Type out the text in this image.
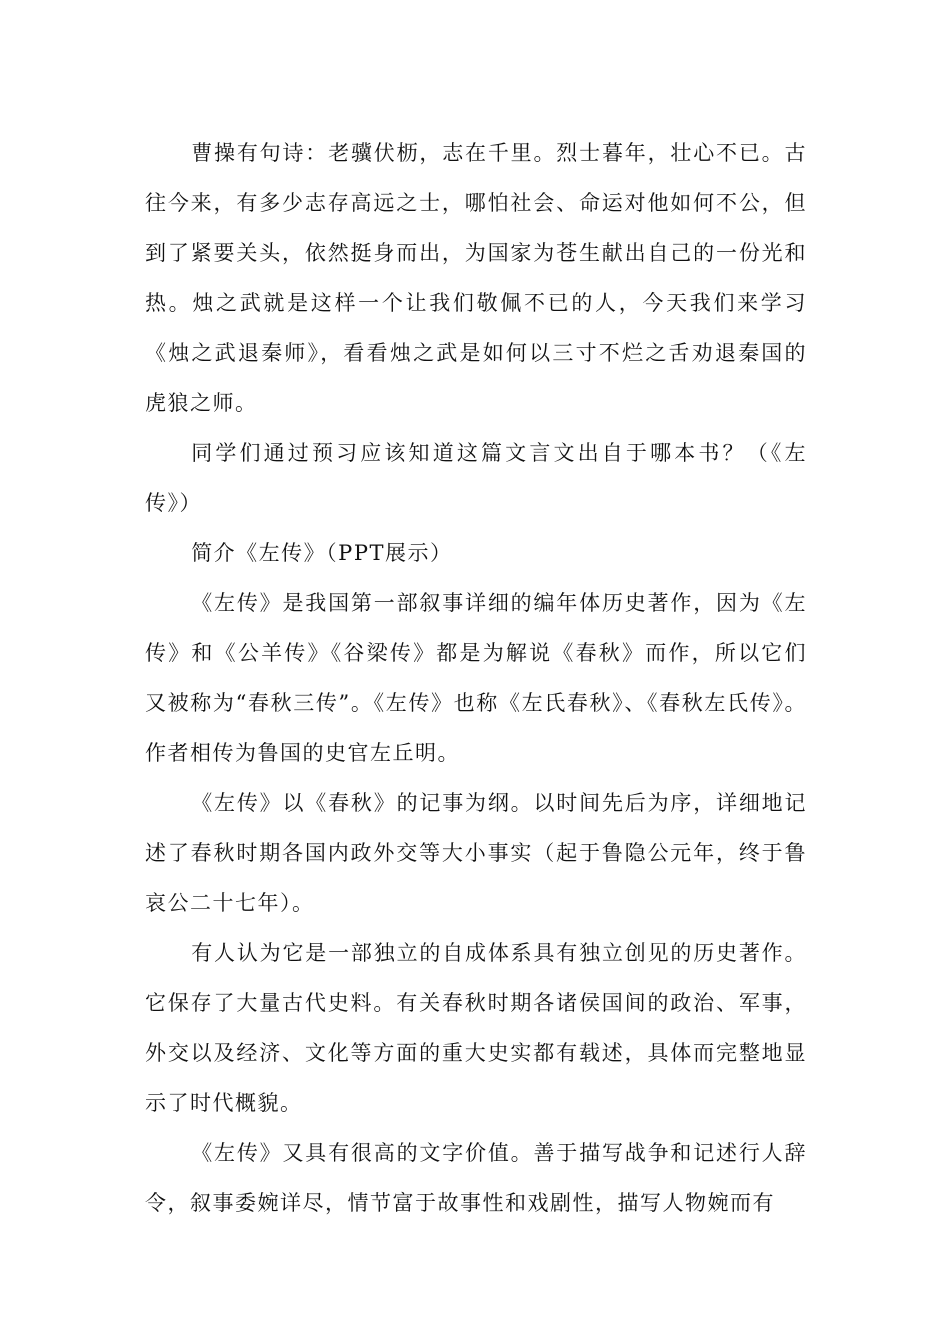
曹操有句诗：老骥伏枥，志在千里。烈士暮年，壮心不已。古往今来，有多少志存高远之士，哪怕社会、命运对他如何不公，但到了紧要关头，依然挺身而出，为国家为苍生献出自己的一份光和热。烛之武就是这样一个让我们敬佩不已的人，今天我们来学习《烛之武退秦师》，看看烛之武是如何以三寸不烂之舌劝退秦国的虎狼之师。

同学们通过预习应该知道这篇文言文出自于哪本书？（《左传》）

简介《左传》（PPT展示）

《左传》是我国第一部叙事详细的编年体历史著作，因为《左传》和《公羊传》《谷梁传》都是为解说《春秋》而作，所以它们又被称为“春秋三传”。《左传》也称《左氏春秋》、《春秋左氏传》。作者相传为鲁国的史官左丘明。

《左传》以《春秋》的记事为纲。以时间先后为序，详细地记述了春秋时期各国内政外交等大小事实（起于鲁隐公元年，终于鲁哀公二十七年）。

有人认为它是一部独立的自成体系具有独立创见的历史著作。它保存了大量古代史料。有关春秋时期各诸侯国间的政治、军事，外交以及经济、文化等方面的重大史实都有载述，具体而完整地显示了时代概貌。

《左传》又具有很高的文字价值。善于描写战争和记述行人辞令，叙事委婉详尽，情节富于故事性和戏剧性，描写人物婉而有
